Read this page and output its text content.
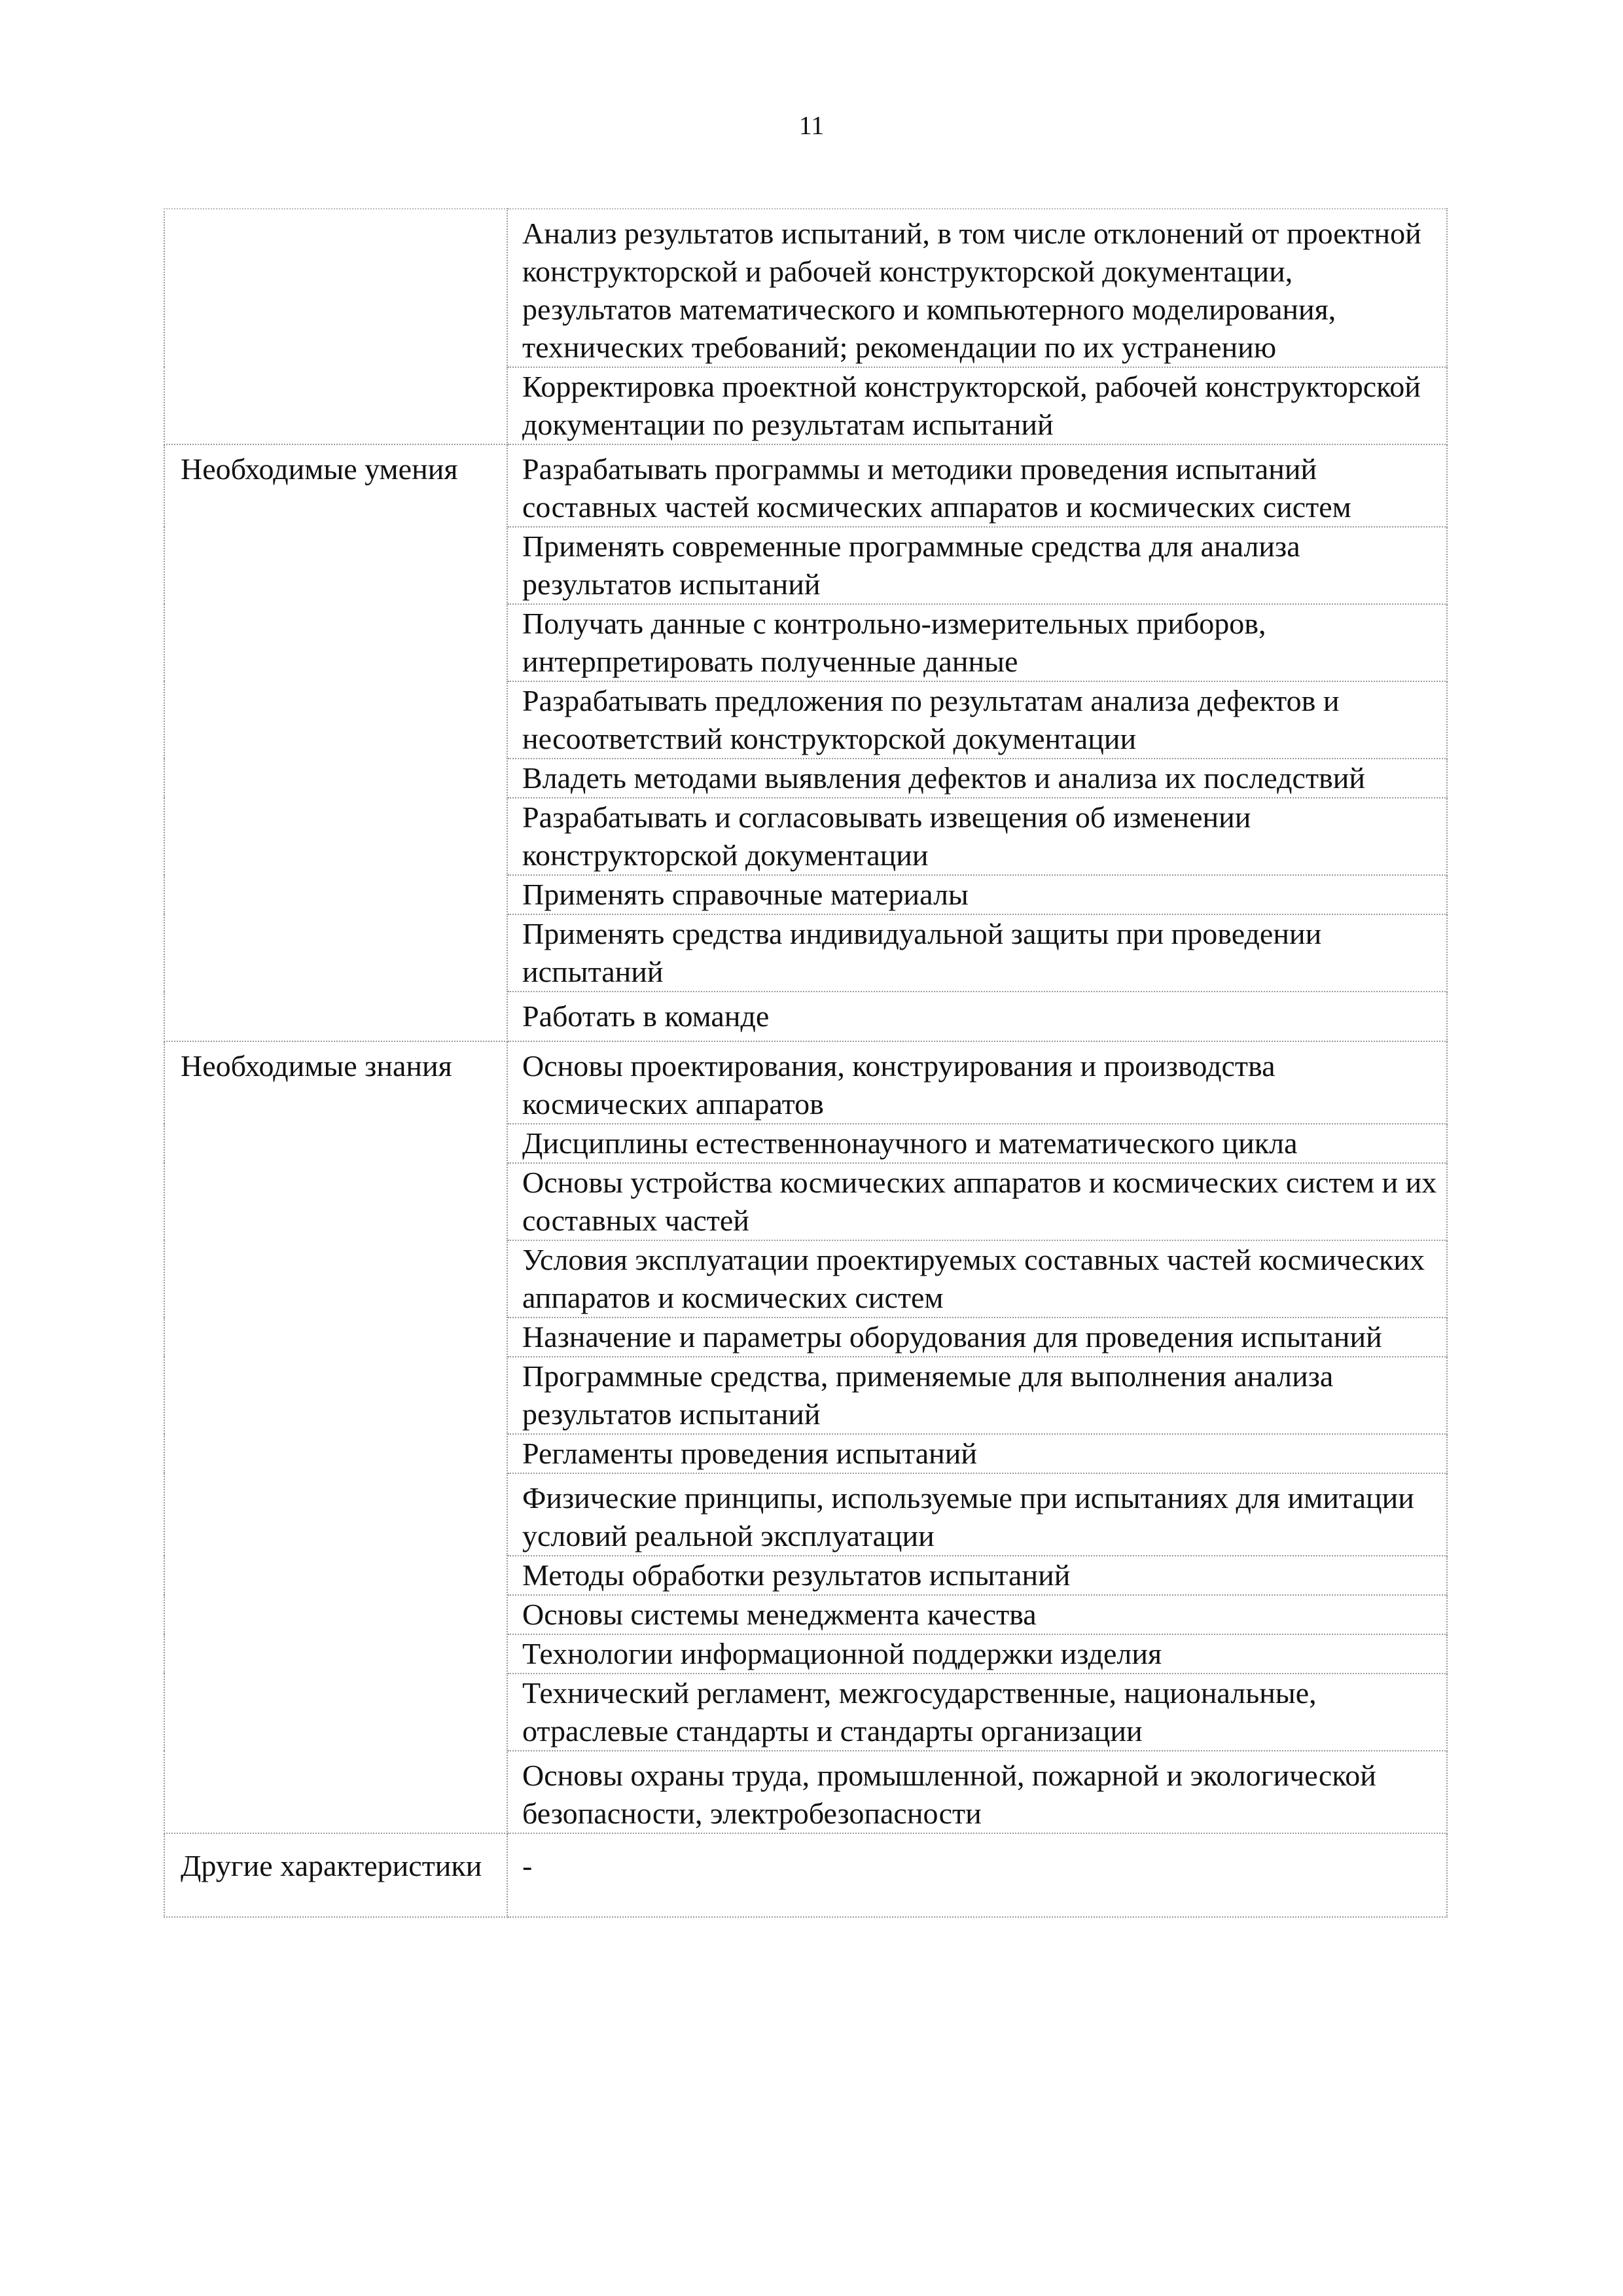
11
	Анализ результатов испытаний, в том числе отклонений от проектной конструкторской и рабочей конструкторской документации, результатов математического и компьютерного моделирования, технических требований; рекомендации по их устранению
	Корректировка проектной конструкторской, рабочей конструкторской документации по результатам испытаний
Необходимые умения	Разрабатывать программы и методики проведения испытаний составных частей космических аппаратов и космических систем
	Применять современные программные средства для анализа результатов испытаний
	Получать данные с контрольно-измерительных приборов, интерпретировать полученные данные
	Разрабатывать предложения по результатам анализа дефектов и несоответствий конструкторской документации
	Владеть методами выявления дефектов и анализа их последствий
	Разрабатывать и согласовывать извещения об изменении конструкторской документации
	Применять справочные материалы
	Применять средства индивидуальной защиты при проведении испытаний
	Работать в команде
Необходимые знания	Основы проектирования, конструирования и производства космических аппаратов
	Дисциплины естественнонаучного и математического цикла
	Основы устройства космических аппаратов и космических систем и их составных частей
	Условия эксплуатации проектируемых составных частей космических аппаратов и космических систем
	Назначение и параметры оборудования для проведения испытаний
	Программные средства, применяемые для выполнения анализа результатов испытаний
	Регламенты проведения испытаний
	Физические принципы, используемые при испытаниях для имитации условий реальной эксплуатации
	Методы обработки результатов испытаний
	Основы системы менеджмента качества
	Технологии информационной поддержки изделия
	Технический регламент, межгосударственные, национальные, отраслевые стандарты и стандарты организации
	Основы охраны труда, промышленной, пожарной и экологической безопасности, электробезопасности
Другие характеристики	-
